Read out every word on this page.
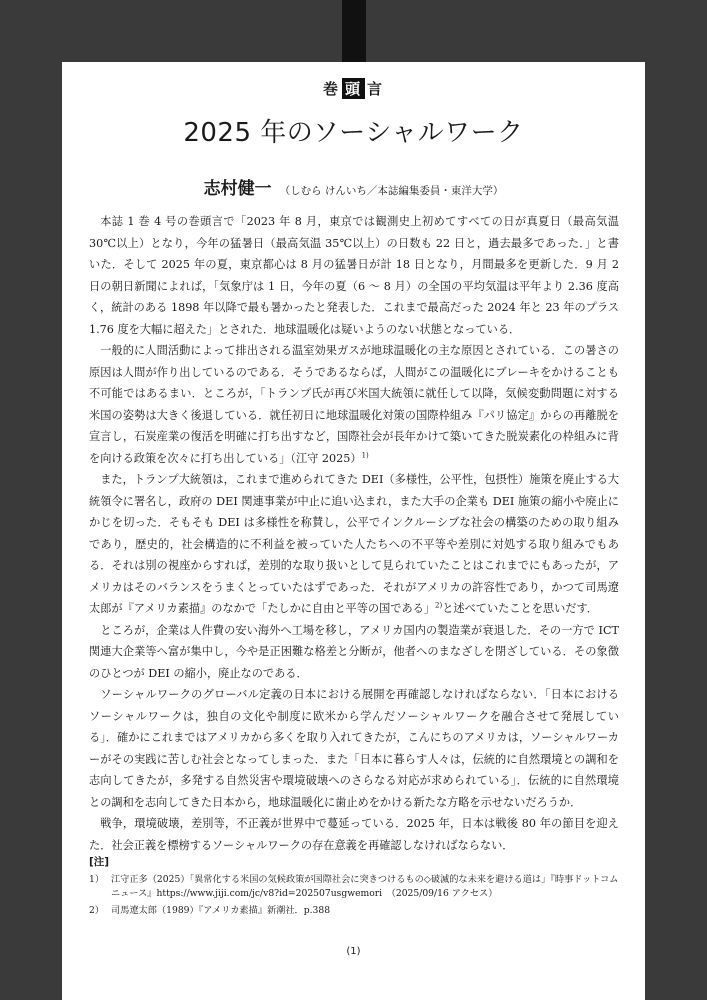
巻 頭 言
2025 年のソーシャルワーク
志村健一 （しむら けんいち／本誌編集委員・東洋大学）

本誌 1 巻 4 号の巻頭言で「2023 年 8 月，東京では観測史上初めてすべての日が真夏日（最高気温 30℃以上）となり，今年の猛暑日（最高気温 35℃以上）の日数も 22 日と，過去最多であった．」と書いた．そして 2025 年の夏，東京都心は 8 月の猛暑日が計 18 日となり，月間最多を更新した．9 月 2 日の朝日新聞によれば，「気象庁は 1 日，今年の夏（6 ～ 8 月）の全国の平均気温は平年より 2.36 度高く，統計のある 1898 年以降で最も暑かったと発表した．これまで最高だった 2024 年と 23 年のプラス 1.76 度を大幅に超えた」とされた．地球温暖化は疑いようのない状態となっている．

一般的に人間活動によって排出される温室効果ガスが地球温暖化の主な原因とされている．この暑さの原因は人間が作り出しているのである．そうであるならば，人間がこの温暖化にブレーキをかけることも不可能ではあるまい．ところが，「トランプ氏が再び米国大統領に就任して以降，気候変動問題に対する米国の姿勢は大きく後退している．就任初日に地球温暖化対策の国際枠組み『パリ協定』からの再離脱を宣言し，石炭産業の復活を明確に打ち出すなど，国際社会が長年かけて築いてきた脱炭素化の枠組みに背を向ける政策を次々に打ち出している」（江守 2025）$^{1)}$

また，トランプ大統領は，これまで進められてきた DEI（多様性，公平性，包摂性）施策を廃止する大統領令に署名し，政府の DEI 関連事業が中止に追い込まれ，また大手の企業も DEI 施策の縮小や廃止にかじを切った．そもそも DEI は多様性を称賛し，公平でインクルーシブな社会の構築のための取り組みであり，歴史的，社会構造的に不利益を被っていた人たちへの不平等や差別に対処する取り組みでもある．それは別の視座からすれば，差別的な取り扱いとして見られていたことはこれまでにもあったが，アメリカはそのバランスをうまくとっていたはずであった．それがアメリカの許容性であり，かつて司馬遼太郎が『アメリカ素描』のなかで「たしかに自由と平等の国である」$^{2)}$と述べていたことを思いだす．

ところが，企業は人件費の安い海外へ工場を移し，アメリカ国内の製造業が衰退した．その一方で ICT 関連大企業等へ富が集中し，今や是正困難な格差と分断が，他者へのまなざしを閉ざしている．その象徴のひとつが DEI の縮小，廃止なのである．

ソーシャルワークのグローバル定義の日本における展開を再確認しなければならない．「日本におけるソーシャルワークは，独自の文化や制度に欧米から学んだソーシャルワークを融合させて発展している」．確かにこれまではアメリカから多くを取り入れてきたが，こんにちのアメリカは，ソーシャルワーカーがその実践に苦しむ社会となってしまった．また「日本に暮らす人々は，伝統的に自然環境との調和を志向してきたが，多発する自然災害や環境破壊へのさらなる対応が求められている」．伝統的に自然環境との調和を志向してきた日本から，地球温暖化に歯止めをかける新たな方略を示せないだろうか．

戦争，環境破壊，差別等，不正義が世界中で蔓延っている．2025 年，日本は戦後 80 年の節目を迎えた．社会正義を標榜するソーシャルワークの存在意義を再確認しなければならない．

[注]
1） 江守正多（2025）「異常化する米国の気候政策が国際社会に突きつけるもの◇破滅的な未来を避ける道は」『時事ドットコムニュース』https://www.jiji.com/jc/v8?id=202507usgwemori　（2025/09/16 アクセス）
2） 司馬遼太郎（1989）『アメリカ素描』新潮社．p.388
(1)
